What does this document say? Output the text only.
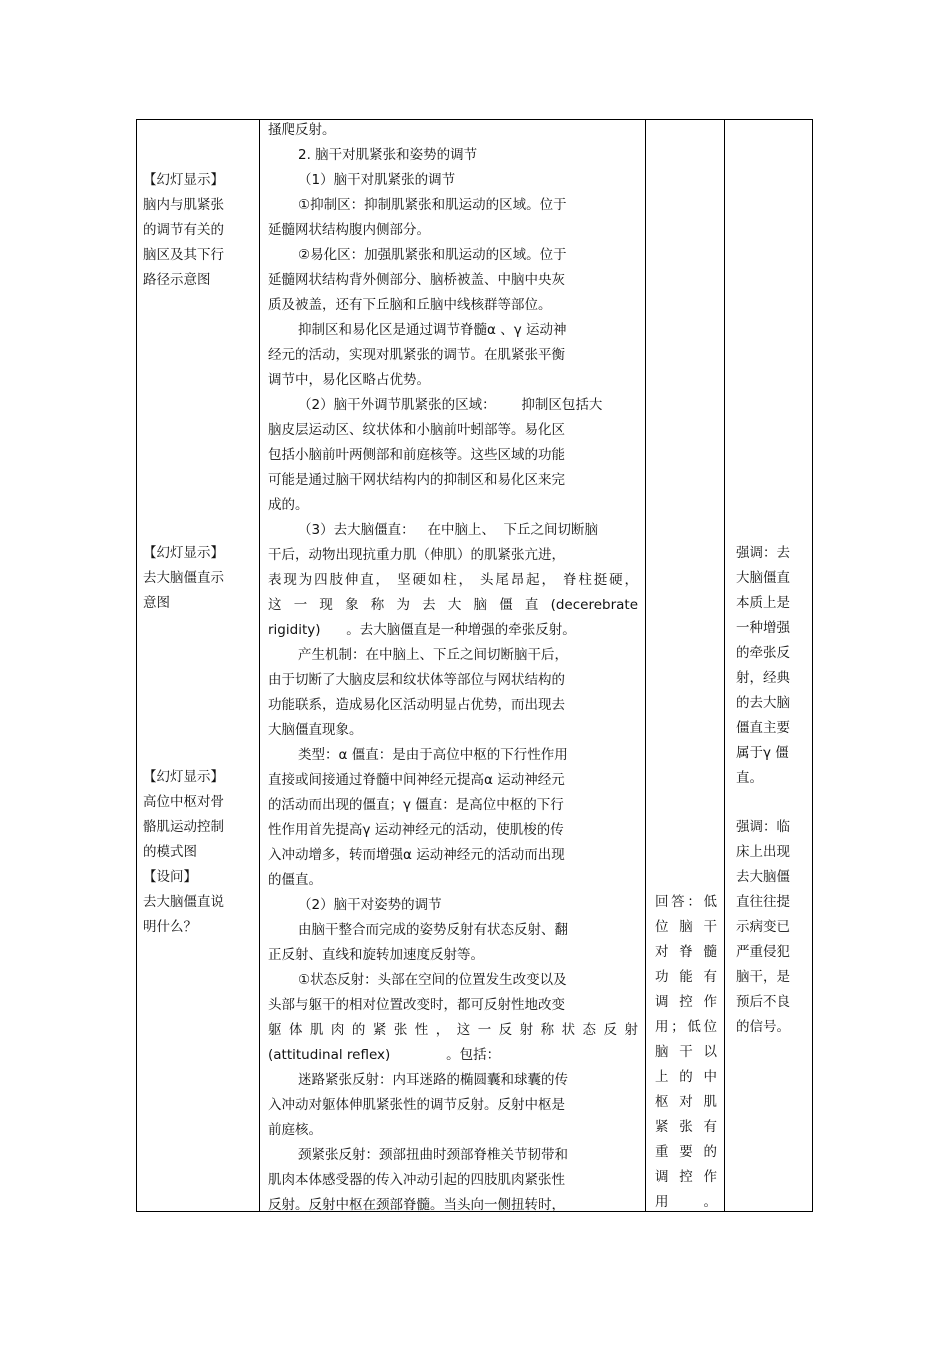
【幻灯显示】
脑内与肌紧张
的调节有关的
脑区及其下行
路径示意图
【幻灯显示】
去大脑僵直示
意图
【幻灯显示】
高位中枢对骨
骼肌运动控制
的模式图
【设问】
去大脑僵直说
明什么？
搔爬反射。
2. 脑干对肌紧张和姿势的调节
（1）脑干对肌紧张的调节
①抑制区：抑制肌紧张和肌运动的区域。位于
延髓网状结构腹内侧部分。
②易化区：加强肌紧张和肌运动的区域。位于
延髓网状结构背外侧部分、脑桥被盖、中脑中央灰
质及被盖，还有下丘脑和丘脑中线核群等部位。
抑制区和易化区是通过调节脊髓α 、γ 运动神
经元的活动，实现对肌紧张的调节。在肌紧张平衡
调节中，易化区略占优势。
（2）脑干外调节肌紧张的区域：      抑制区包括大
脑皮层运动区、纹状体和小脑前叶蚓部等。易化区
包括小脑前叶两侧部和前庭核等。这些区域的功能
可能是通过脑干网状结构内的抑制区和易化区来完
成的。
（3）去大脑僵直：   在中脑上、  下丘之间切断脑
干后，动物出现抗重力肌（伸肌）的肌紧张亢进，
表现为四肢伸直， 坚硬如柱， 头尾昂起， 脊柱挺硬，
这 一 现 象 称 为 去 大 脑 僵 直 (decerebrate
rigidity)      。去大脑僵直是一种增强的牵张反射。
产生机制：在中脑上、下丘之间切断脑干后，
由于切断了大脑皮层和纹状体等部位与网状结构的
功能联系，造成易化区活动明显占优势，而出现去
大脑僵直现象。
类型：α 僵直：是由于高位中枢的下行性作用
直接或间接通过脊髓中间神经元提高α 运动神经元
的活动而出现的僵直；γ 僵直：是高位中枢的下行
性作用首先提高γ 运动神经元的活动，使肌梭的传
入冲动增多，转而增强α 运动神经元的活动而出现
的僵直。
（2）脑干对姿势的调节
由脑干整合而完成的姿势反射有状态反射、翻
正反射、直线和旋转加速度反射等。
①状态反射：头部在空间的位置发生改变以及
头部与躯干的相对位置改变时，都可反射性地改变
躯 体 肌 肉 的 紧 张 性 ， 这 一 反 射 称 状 态 反 射
(attitudinal reflex)             。包括：
迷路紧张反射：内耳迷路的椭圆囊和球囊的传
入冲动对躯体伸肌紧张性的调节反射。反射中枢是
前庭核。
颈紧张反射：颈部扭曲时颈部脊椎关节韧带和
肌肉本体感受器的传入冲动引起的四肢肌肉紧张性
反射。反射中枢在颈部脊髓。当头向一侧扭转时，
回答：低
位 脑 干
对 脊 髓
功 能 有
调 控 作
用；低位
脑 干 以
上 的 中
枢 对 肌
紧 张 有
重 要 的
调 控 作
用。
强调：去
大脑僵直
本质上是
一种增强
的牵张反
射，经典
的去大脑
僵直主要
属于γ 僵
直。
强调：临
床上出现
去大脑僵
直往往提
示病变已
严重侵犯
脑干，是
预后不良
的信号。
